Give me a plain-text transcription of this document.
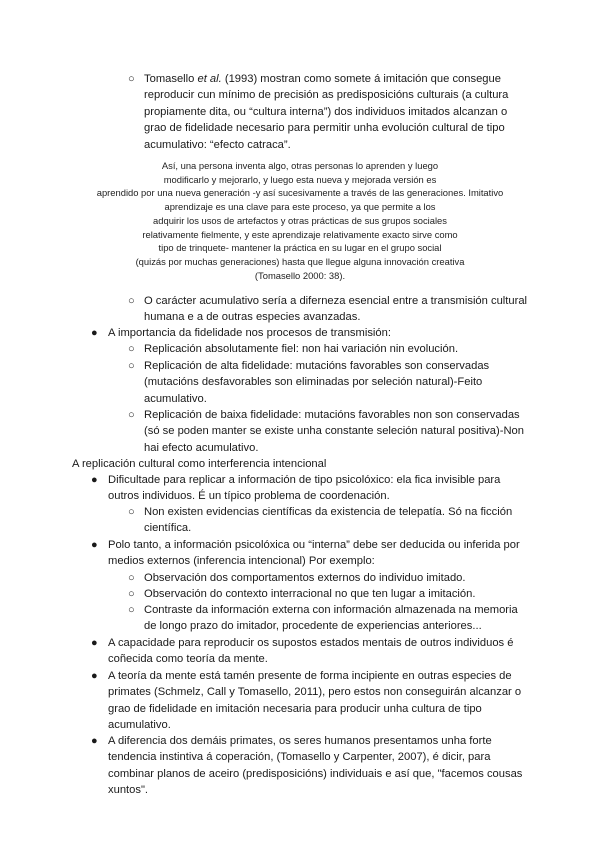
○ Tomasello et al. (1993) mostran como somete á imitación que consegue
reproducir cun mínimo de precisión as predisposicións culturais (a cultura
propiamente dita, ou “cultura interna”) dos individuos imitados alcanzan o
grao de fidelidade necesario para permitir unha evolución cultural de tipo
acumulativo: “efecto catraca”.
Así, una persona inventa algo, otras personas lo aprenden y luego
modificarlo y mejorarlo, y luego esta nueva y mejorada versión es
aprendido por una nueva generación -y así sucesivamente a través de las generaciones. Imitativo
aprendizaje es una clave para este proceso, ya que permite a los
adquirir los usos de artefactos y otras prácticas de sus grupos sociales
relativamente fielmente, y este aprendizaje relativamente exacto sirve como
tipo de trinquete- mantener la práctica en su lugar en el grupo social
(quizás por muchas generaciones) hasta que llegue alguna innovación creativa
(Tomasello 2000: 38).
○ O carácter acumulativo sería a diferneza esencial entre a transmisión cultural
humana e a de outras especies avanzadas.
● A importancia da fidelidade nos procesos de transmisión:
○ Replicación absolutamente fiel: non hai variación nin evolución.
○ Replicación de alta fidelidade: mutacións favorables son conservadas
(mutacións desfavorables son eliminadas por seleción natural)-Feito
acumulativo.
○ Replicación de baixa fidelidade: mutacións favorables non son conservadas
(só se poden manter se existe unha constante seleción natural positiva)-Non
hai efecto acumulativo.
A replicación cultural como interferencia intencional
● Dificultade para replicar a información de tipo psicolóxico: ela fica invisible para
outros individuos. É un típico problema de coordenación.
○ Non existen evidencias científicas da existencia de telepatía. Só na ficción
científica.
● Polo tanto, a información psicolóxica ou “interna” debe ser deducida ou inferida por
medios externos (inferencia intencional) Por exemplo:
○ Observación dos comportamentos externos do individuo imitado.
○ Observación do contexto interracional no que ten lugar a imitación.
○ Contraste da información externa con información almazenada na memoria
de longo prazo do imitador, procedente de experiencias anteriores...
● A capacidade para reproducir os supostos estados mentais de outros individuos é
coñecida como teoría da mente.
● A teoría da mente está tamén presente de forma incipiente en outras especies de
primates (Schmelz, Call y Tomasello, 2011), pero estos non conseguirán alcanzar o
grao de fidelidade en imitación necesaria para producir unha cultura de tipo
acumulativo.
● A diferencia dos demáis primates, os seres humanos presentamos unha forte
tendencia instintiva á coperación, (Tomasello y Carpenter, 2007), é dicir, para
combinar planos de aceiro (predisposicións) individuais e así que, "facemos cousas
xuntos".
